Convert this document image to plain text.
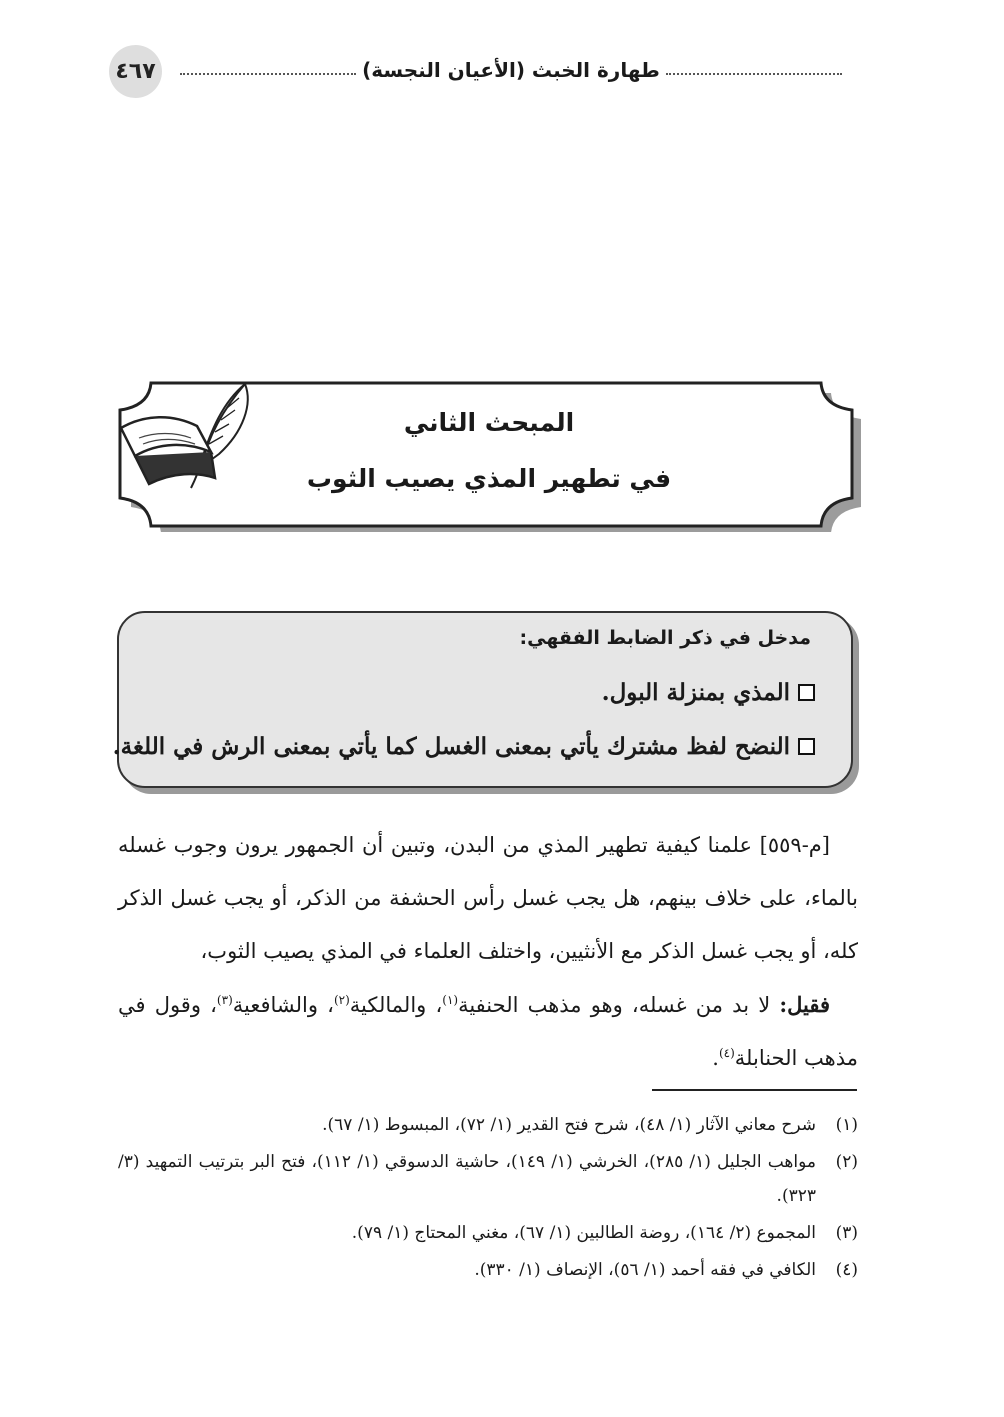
٤٦٧	طهارة الخبث (الأعيان النجسة)
المبحث الثاني
في تطهير المذي يصيب الثوب
مدخل في ذكر الضابط الفقهي:
المذي بمنزلة البول.
النضح لفظ مشترك يأتي بمعنى الغسل كما يأتي بمعنى الرش في اللغة.
[م-٥٥٩] علمنا كيفية تطهير المذي من البدن، وتبين أن الجمهور يرون وجوب غسله بالماء، على خلاف بينهم، هل يجب غسل رأس الحشفة من الذكر، أو يجب غسل الذكر كله، أو يجب غسل الذكر مع الأنثيين، واختلف العلماء في المذي يصيب الثوب،
فقيل: لا بد من غسله، وهو مذهب الحنفية$^{(١)}$، والمالكية$^{(٢)}$، والشافعية$^{(٣)}$، وقول في مذهب الحنابلة$^{(٤)}$.
(١)
شرح معاني الآثار (١/ ٤٨)، شرح فتح القدير (١/ ٧٢)، المبسوط (١/ ٦٧).
(٢)
مواهب الجليل (١/ ٢٨٥)، الخرشي (١/ ١٤٩)، حاشية الدسوقي (١/ ١١٢)، فتح البر بترتيب التمهيد (٣/ ٣٢٣).
(٣)
المجموع (٢/ ١٦٤)، روضة الطالبين (١/ ٦٧)، مغني المحتاج (١/ ٧٩).
(٤)
الكافي في فقه أحمد (١/ ٥٦)، الإنصاف (١/ ٣٣٠).
